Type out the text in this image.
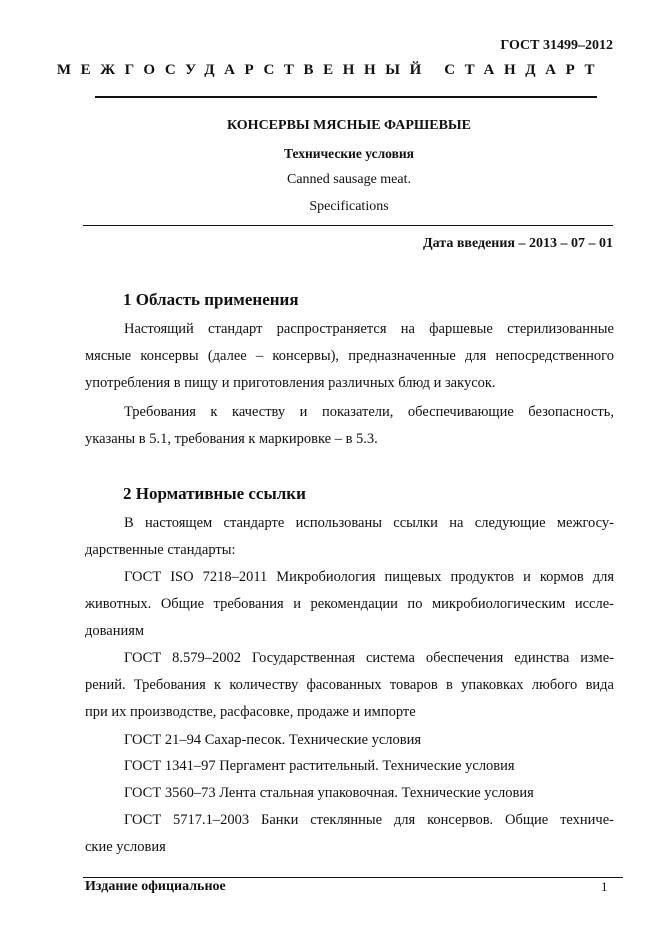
ГОСТ 31499–2012
МЕЖГОСУДАРСТВЕННЫЙ СТАНДАРТ
КОНСЕРВЫ МЯСНЫЕ ФАРШЕВЫЕ
Технические условия
Canned sausage meat.
Specifications
Дата введения – 2013 – 07 – 01
1 Область применения
Настоящий стандарт распространяется на фаршевые стерилизованные
мясные консервы (далее – консервы), предназначенные для непосредственного
употребления в пищу и приготовления различных блюд и закусок.
Требования к качеству и показатели, обеспечивающие безопасность,
указаны в 5.1, требования к маркировке – в 5.3.
2 Нормативные ссылки
В настоящем стандарте использованы ссылки на следующие межгосу-
дарственные стандарты:
ГОСТ ISO 7218–2011 Микробиология пищевых продуктов и кормов для
животных. Общие требования и рекомендации по микробиологическим иссле-
дованиям
ГОСТ 8.579–2002 Государственная система обеспечения единства изме-
рений. Требования к количеству фасованных товаров в упаковках любого вида
при их производстве, расфасовке, продаже и импорте
ГОСТ 21–94 Сахар-песок. Технические условия
ГОСТ 1341–97 Пергамент растительный. Технические условия
ГОСТ 3560–73 Лента стальная упаковочная. Технические условия
ГОСТ 5717.1–2003 Банки стеклянные для консервов. Общие техниче-
ские условия
Издание официальное	1
